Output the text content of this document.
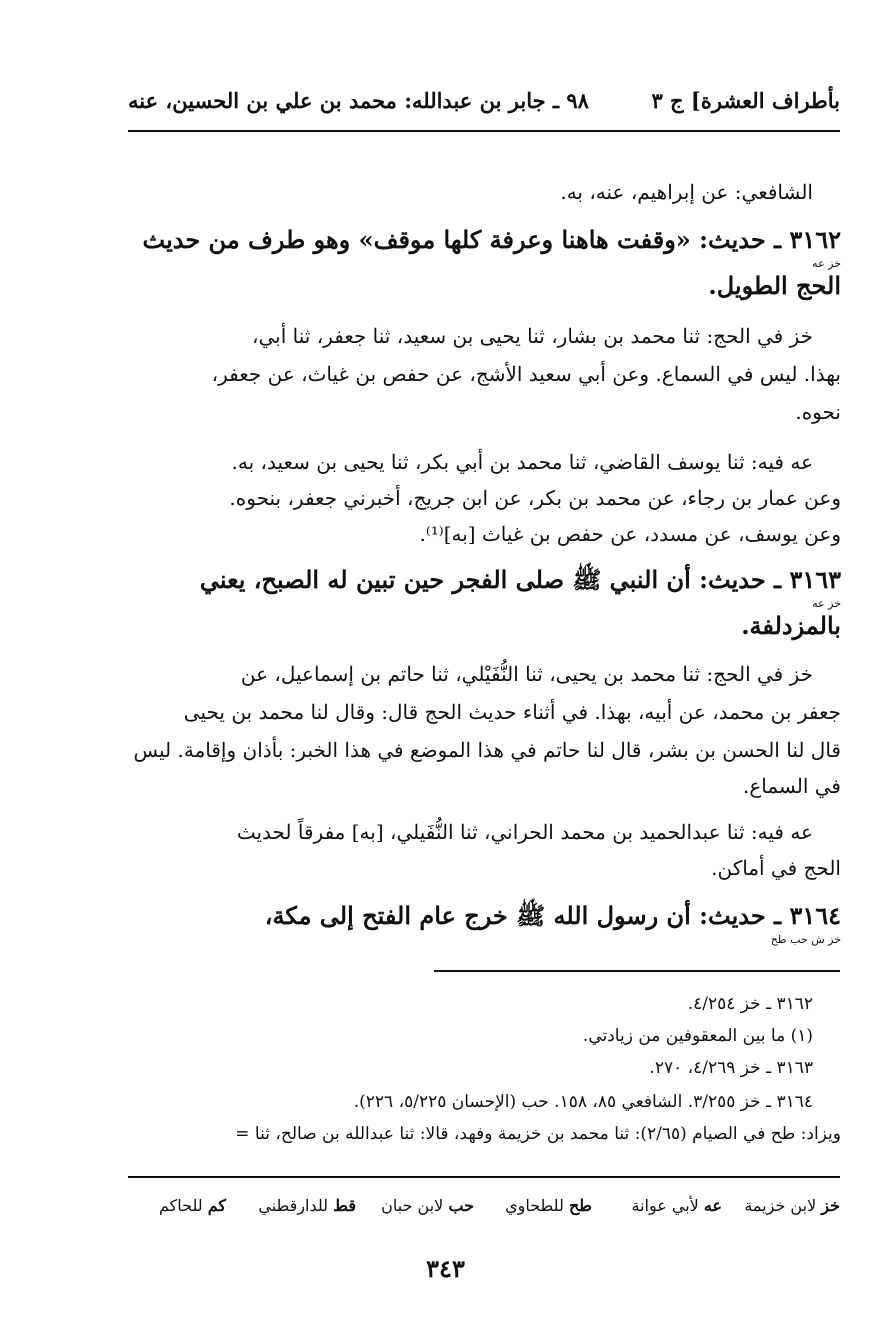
بأطراف العشرة] ج ٣
٩٨ ـ جابر بن عبدالله: محمد بن علي بن الحسين، عنه
الشافعي: عن إبراهيم، عنه، به.
٣١٦٢ ـ حديث: «وقفت هاهنا وعرفة كلها موقف» وهو طرف من حديث
خز عه
الحج الطويل.
خز في الحج: ثنا محمد بن بشار، ثنا يحيى بن سعيد، ثنا جعفر، ثنا أبي،
بهذا. ليس في السماع. وعن أبي سعيد الأشج، عن حفص بن غياث، عن جعفر،
نحوه.
عه فيه: ثنا يوسف القاضي، ثنا محمد بن أبي بكر، ثنا يحيى بن سعيد، به.
وعن عمار بن رجاء، عن محمد بن بكر، عن ابن جريج، أخبرني جعفر، بنحوه.
وعن يوسف، عن مسدد، عن حفص بن غياث [به]⁽¹⁾.
٣١٦٣ ـ حديث: أن النبي ﷺ صلى الفجر حين تبين له الصبح، يعني
خز عه
بالمزدلفة.
خز في الحج: ثنا محمد بن يحيى، ثنا النُّفَيْلي، ثنا حاتم بن إسماعيل، عن
جعفر بن محمد، عن أبيه، بهذا. في أثناء حديث الحج قال: وقال لنا محمد بن يحيى
قال لنا الحسن بن بشر، قال لنا حاتم في هذا الموضع في هذا الخبر: بأذان وإقامة. ليس
في السماع.
عه فيه: ثنا عبدالحميد بن محمد الحراني، ثنا النُّفَيلي، [به] مفرقاً لحديث
الحج في أماكن.
٣١٦٤ ـ حديث: أن رسول الله ﷺ خرج عام الفتح إلى مكة،
خز ش حب طح
٣١٦٢ ـ خز ٤/٢٥٤.
(١) ما بين المعقوفين من زيادتي.
٣١٦٣ ـ خز ٤/٢٦٩، ٢٧٠.
٣١٦٤ ـ خز ٣/٢٥٥. الشافعي ٨٥، ١٥٨. حب (الإحسان ٥/٢٢٥، ٢٢٦).
ويزاد: طح في الصيام (٢/٦٥): ثنا محمد بن خزيمة وفهد، قالا: ثنا عبدالله بن صالح، ثنا =
خز لابن خزيمة
عه لأبي عوانة
طح للطحاوي
حب لابن حبان
قط للدارقطني
كم للحاكم
٣٤٣
